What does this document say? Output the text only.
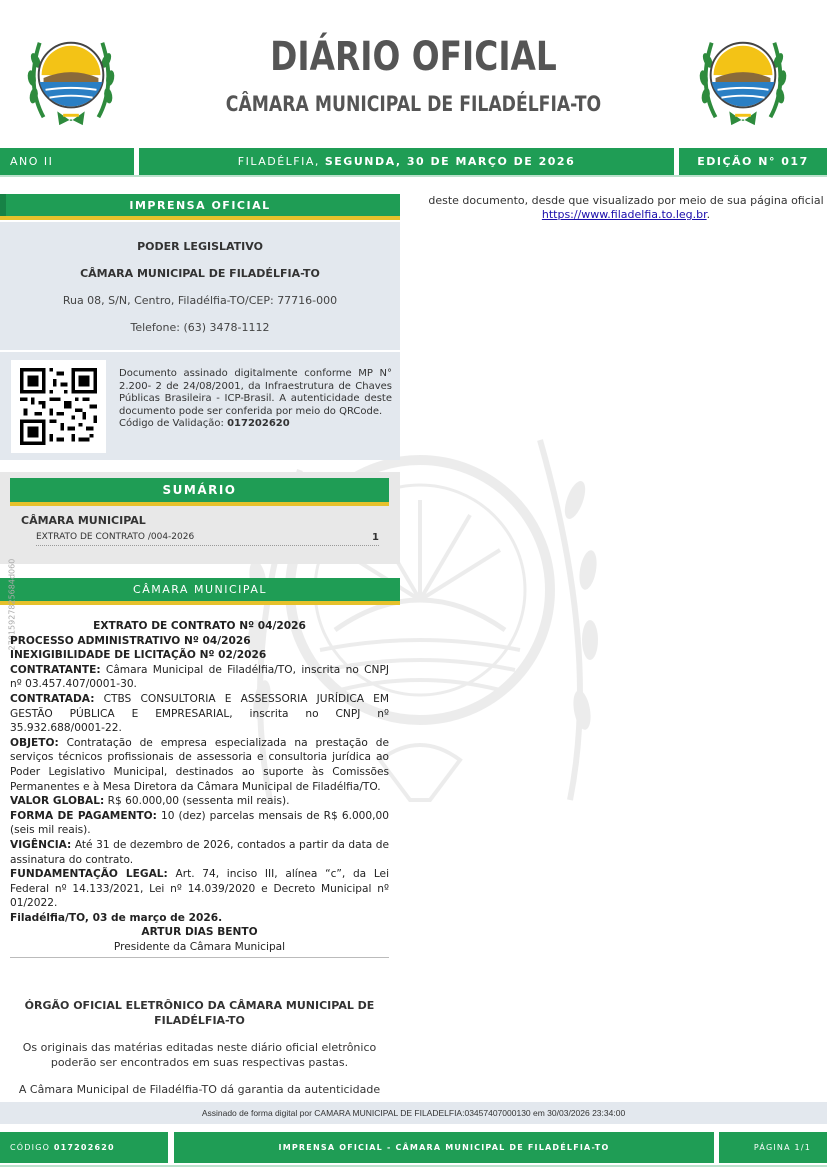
DIÁRIO OFICIAL
CÂMARA MUNICIPAL DE FILADÉLFIA-TO
ANO II	FILADÉLFIA, SEGUNDA, 30 DE MARÇO DE 2026	EDIÇÃO N° 017
IMPRENSA OFICIAL
PODER LEGISLATIVO
CÂMARA MUNICIPAL DE FILADÉLFIA-TO
Rua 08, S/N, Centro, Filadélfia-TO/CEP: 77716-000
Telefone: (63) 3478-1112
Documento assinado digitalmente conforme MP N° 2.200- 2 de 24/08/2001, da Infraestrutura de Chaves Públicas Brasileira - ICP-Brasil. A autenticidade deste documento pode ser conferida por meio do QRCode.
Código de Validação: 017202620
SUMÁRIO
CÂMARA MUNICIPAL
EXTRATO DE CONTRATO /004-2026	1
CÂMARA MUNICIPAL
27815927825684d060	EXTRATO DE CONTRATO Nº 04/2026
PROCESSO ADMINISTRATIVO Nº 04/2026
INEXIGIBILIDADE DE LICITAÇÃO Nº 02/2026

CONTRATANTE: Câmara Municipal de Filadélfia/TO, inscrita no CNPJ nº 03.457.407/0001-30.

CONTRATADA: CTBS CONSULTORIA E ASSESSORIA JURÍDICA EM GESTÃO PÚBLICA E EMPRESARIAL, inscrita no CNPJ nº 35.932.688/0001-22.

OBJETO: Contratação de empresa especializada na prestação de serviços técnicos profissionais de assessoria e consultoria jurídica ao Poder Legislativo Municipal, destinados ao suporte às Comissões Permanentes e à Mesa Diretora da Câmara Municipal de Filadélfia/TO.

VALOR GLOBAL: R$ 60.000,00 (sessenta mil reais).

FORMA DE PAGAMENTO: 10 (dez) parcelas mensais de R$ 6.000,00 (seis mil reais).

VIGÊNCIA: Até 31 de dezembro de 2026, contados a partir da data de assinatura do contrato.

FUNDAMENTAÇÃO LEGAL: Art. 74, inciso III, alínea “c”, da Lei Federal nº 14.133/2021, Lei nº 14.039/2020 e Decreto Municipal nº 01/2022.

Filadélfia/TO, 03 de março de 2026.
ARTUR DIAS BENTO
Presidente da Câmara Municipal
ÓRGÃO OFICIAL ELETRÔNICO DA CÂMARA MUNICIPAL DE FILADÉLFIA-TO
Os originais das matérias editadas neste diário oficial eletrônico poderão ser encontrados em suas respectivas pastas.
A Câmara Municipal de Filadélfia-TO dá garantia da autenticidade
deste documento, desde que visualizado por meio de sua página oficial
https://www.filadelfia.to.leg.br.
Assinado de forma digital por CAMARA MUNICIPAL DE FILADELFIA:03457407000130 em 30/03/2026 23:34:00
CÓDIGO 017202620	IMPRENSA OFICIAL - CÂMARA MUNICIPAL DE FILADÉLFIA-TO	PÁGINA 1/1
